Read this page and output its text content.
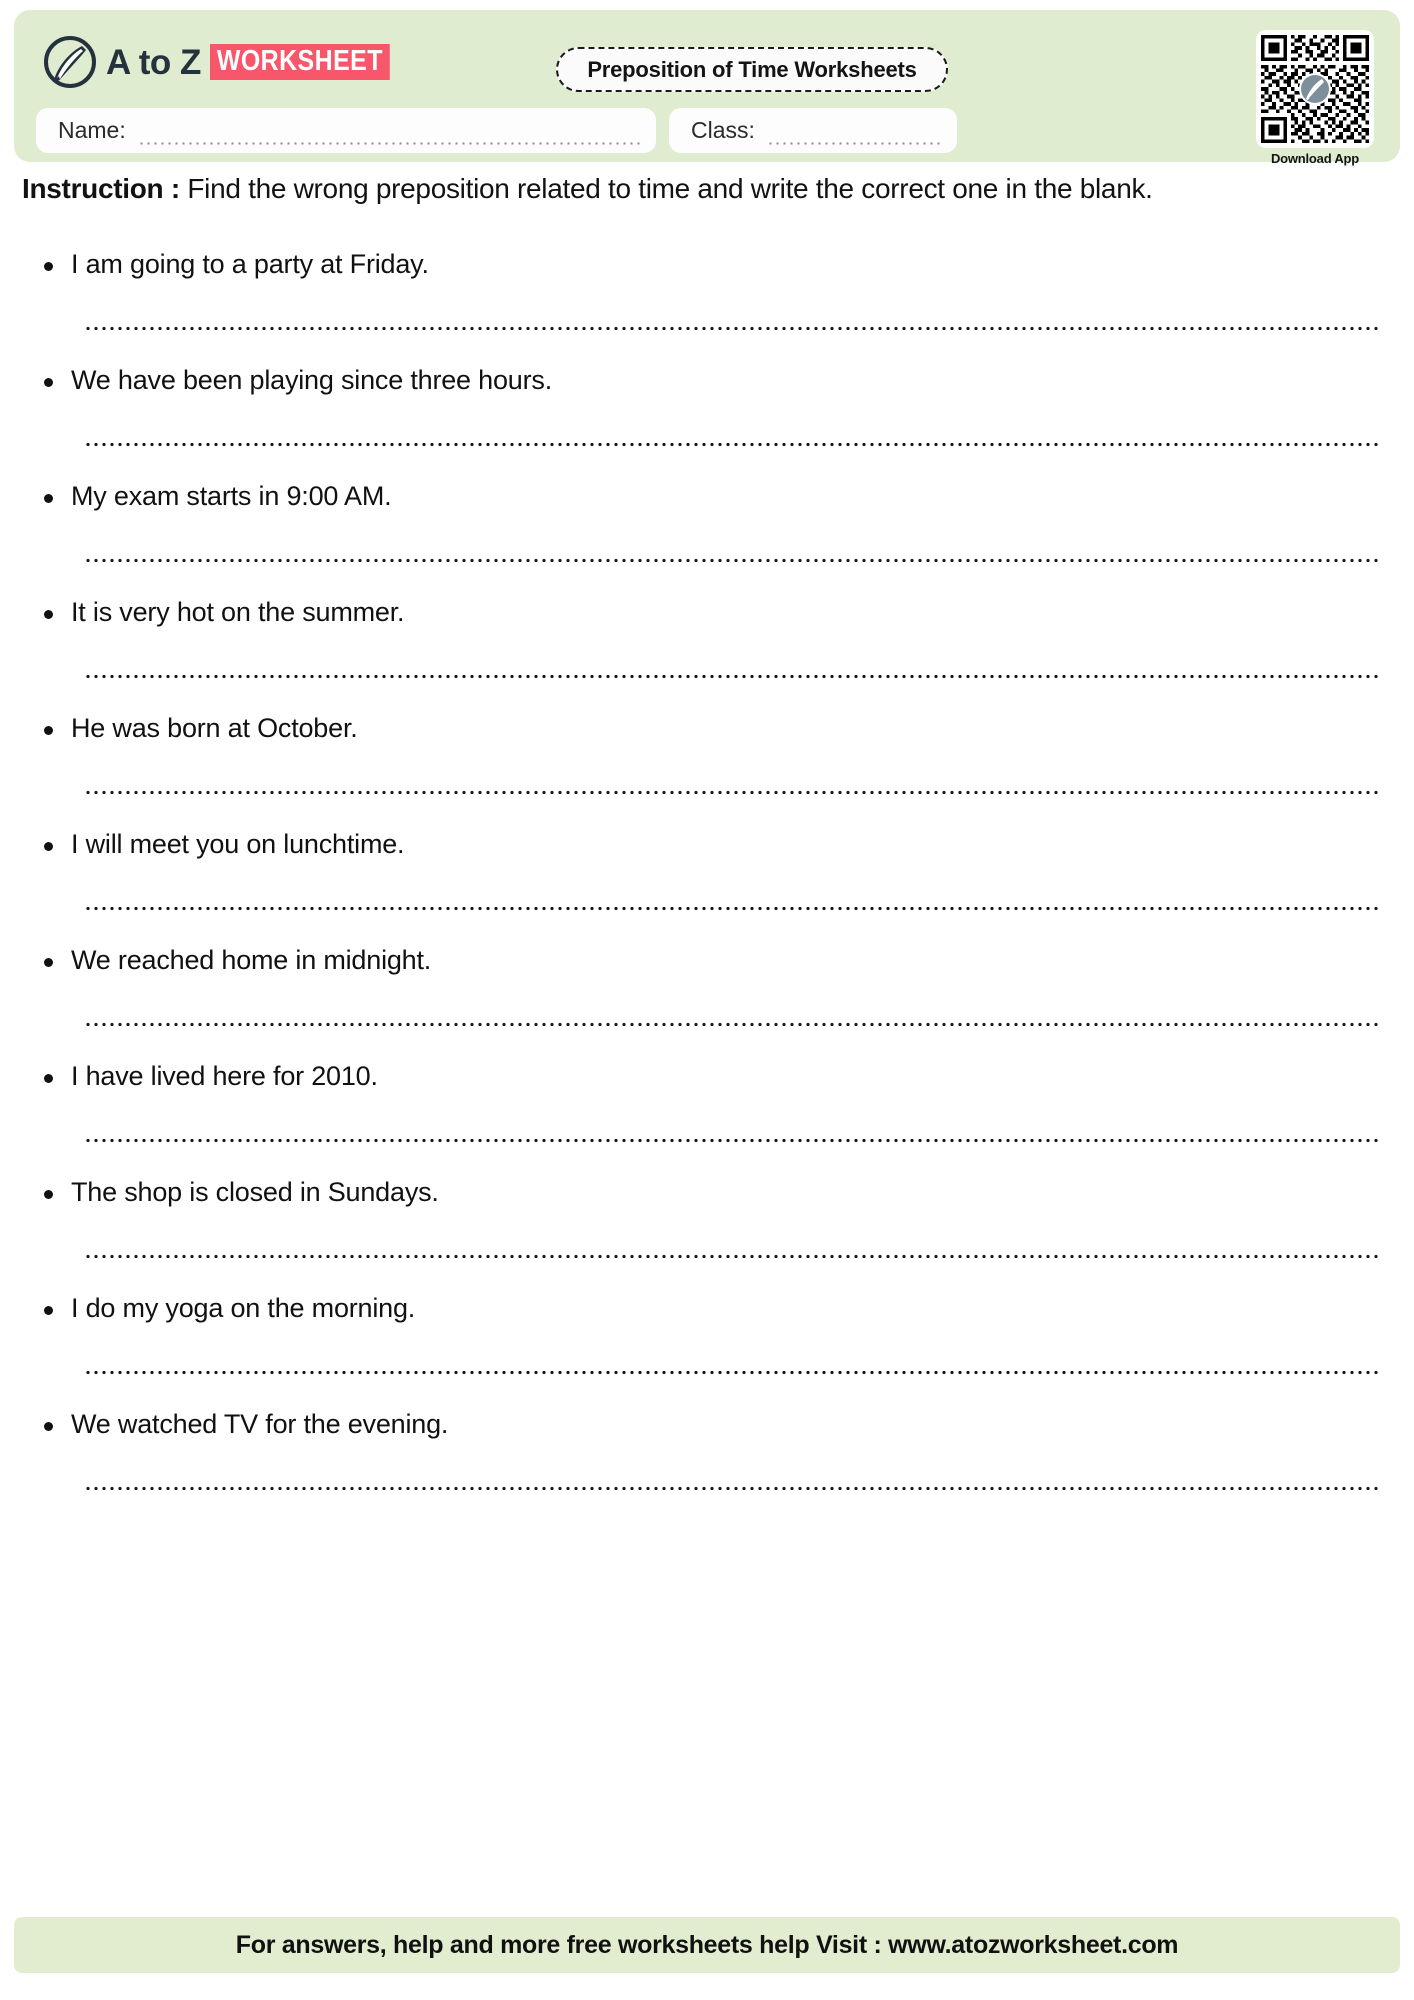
A to Z WORKSHEET	Preposition of Time Worksheets
Name:	Class:
Download App
Instruction : Find the wrong preposition related to time and write the correct one in the blank.
I am going to a party at Friday.
We have been playing since three hours.
My exam starts in 9:00 AM.
It is very hot on the summer.
He was born at October.
I will meet you on lunchtime.
We reached home in midnight.
I have lived here for 2010.
The shop is closed in Sundays.
I do my yoga on the morning.
We watched TV for the evening.
For answers, help and more free worksheets help Visit : www.atozworksheet.com
